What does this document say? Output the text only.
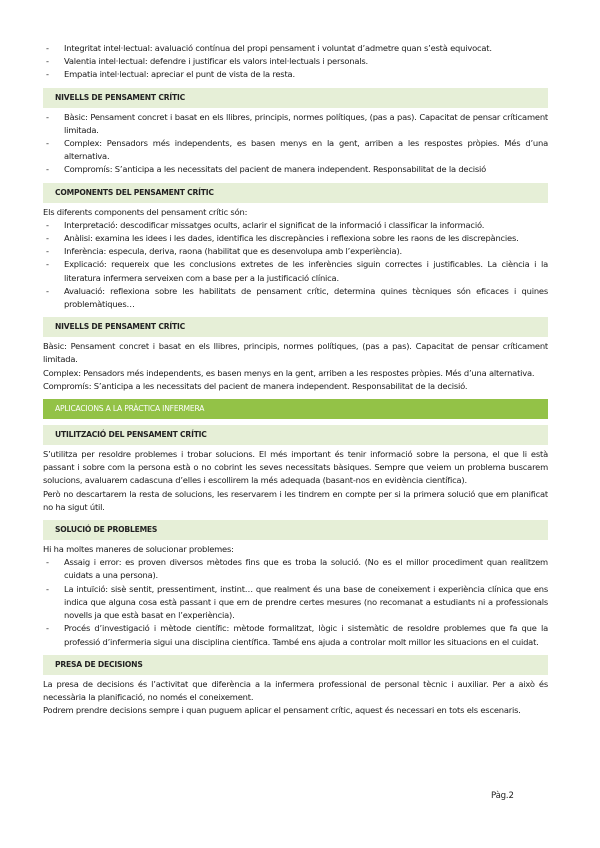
- Integritat intel·lectual: avaluació contínua del propi pensament i voluntat d’admetre quan s’està equivocat.
- Valentia intel·lectual: defendre i justificar els valors intel·lectuals i personals.
- Empatia intel·lectual: apreciar el punt de vista de la resta.
NIVELLS DE PENSAMENT CRÍTIC
- Bàsic: Pensament concret i basat en els llibres, principis, normes polítiques, (pas a pas). Capacitat de pensar críticament limitada.
- Complex: Pensadors més independents, es basen menys en la gent, arriben a les respostes pròpies. Més d’una alternativa.
- Compromís: S’anticipa a les necessitats del pacient de manera independent. Responsabilitat de la decisió
COMPONENTS DEL PENSAMENT CRÍTIC
Els diferents components del pensament crític són:
- Interpretació: descodificar missatges ocults, aclarir el significat de la informació i classificar la informació.
- Anàlisi: examina les idees i les dades, identifica les discrepàncies i reflexiona sobre les raons de les discrepàncies.
- Inferència: especula, deriva, raona (habilitat que es desenvolupa amb l’experiència).
- Explicació: requereix que les conclusions extretes de les inferències siguin correctes i justificables. La ciència i la literatura infermera serveixen com a base per a la justificació clínica.
- Avaluació: reflexiona sobre les habilitats de pensament crític, determina quines tècniques són eficaces i quines problemàtiques…
NIVELLS DE PENSAMENT CRÍTIC
Bàsic: Pensament concret i basat en els llibres, principis, normes polítiques, (pas a pas). Capacitat de pensar críticament limitada.
Complex: Pensadors més independents, es basen menys en la gent, arriben a les respostes pròpies. Més d’una alternativa.
Compromís: S’anticipa a les necessitats del pacient de manera independent. Responsabilitat de la decisió.
APLICACIONS A LA PRÀCTICA INFERMERA
UTILITZACIÓ DEL PENSAMENT CRÍTIC
S’utilitza per resoldre problemes i trobar solucions. El més important és tenir informació sobre la persona, el que li està passant i sobre com la persona està o no cobrint les seves necessitats bàsiques. Sempre que veiem un problema buscarem solucions, avaluarem cadascuna d’elles i escollirem la més adequada (basant-nos en evidència científica).
Però no descartarem la resta de solucions, les reservarem i les tindrem en compte per si la primera solució que em planificat no ha sigut útil.
SOLUCIÓ DE PROBLEMES
Hi ha moltes maneres de solucionar problemes:
- Assaig i error: es proven diversos mètodes fins que es troba la solució. (No es el millor procediment quan realitzem cuidats a una persona).
- La intuïció: sisè sentit, pressentiment, instint… que realment és una base de coneixement i experiència clínica que ens indica que alguna cosa està passant i que em de prendre certes mesures (no recomanat a estudiants ni a professionals novells ja que està basat en l’experiència).
- Procés d’investigació i mètode científic: mètode formalitzat, lògic i sistemàtic de resoldre problemes que fa que la professió d’infermeria sigui una disciplina científica. També ens ajuda a controlar molt millor les situacions en el cuidat.
PRESA DE DECISIONS
La presa de decisions és l’activitat que diferència a la infermera professional de personal tècnic i auxiliar. Per a això és necessària la planificació, no només el coneixement.
Podrem prendre decisions sempre i quan puguem aplicar el pensament crític, aquest és necessari en tots els escenaris.
Pàg.2
